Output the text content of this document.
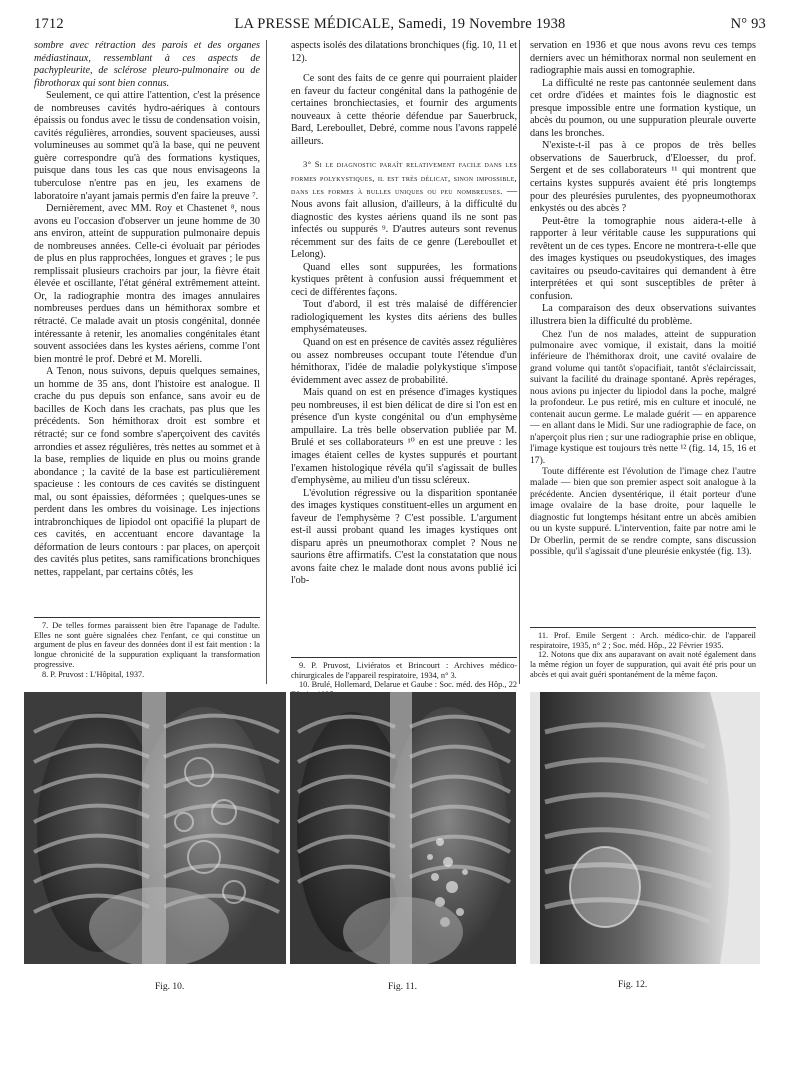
1712	LA PRESSE MÉDICALE, Samedi, 19 Novembre 1938	N° 93

sombre avec rétraction des parois et des organes médiastinaux, ressemblant à ces aspects de pachypleurite, de sclérose pleuro-pulmonaire ou de fibrothorax qui sont bien connus.

Seulement, ce qui attire l'attention, c'est la présence de nombreuses cavités hydro-aériques à contours épaissis ou fondus avec le tissu de condensation voisin, cavités régulières, arrondies, souvent spacieuses, aussi volumineuses au sommet qu'à la base, qui ne peuvent guère correspondre qu'à des formations kystiques, puisque dans tous les cas que nous envisageons la tuberculose n'entre pas en jeu, les examens de laboratoire n'ayant jamais permis d'en faire la preuve ⁷.

Dernièrement, avec MM. Roy et Chastenet ⁸, nous avons eu l'occasion d'observer un jeune homme de 30 ans environ, atteint de suppuration pulmonaire depuis de nombreuses années. Celle-ci évoluait par périodes de plus en plus rapprochées, longues et graves ; le pus remplissait plusieurs crachoirs par jour, la fièvre était élevée et oscillante, l'état général extrêmement atteint. Or, la radiographie montra des images annulaires nombreuses perdues dans un hémithorax sombre et rétracté. Ce malade avait un ptosis congénital, donnée intéressante à retenir, les anomalies congénitales étant souvent associées dans les kystes aériens, comme l'ont bien montré le prof. Debré et M. Morelli.

A Tenon, nous suivons, depuis quelques semaines, un homme de 35 ans, dont l'histoire est analogue. Il crache du pus depuis son enfance, sans avoir eu de bacilles de Koch dans les crachats, pas plus que les précédents. Son hémithorax droit est sombre et rétracté; sur ce fond sombre s'aperçoivent des cavités arrondies et assez régulières, très nettes au sommet et à la base, remplies de liquide en plus ou moins grande abondance ; la cavité de la base est particulièrement spacieuse : les contours de ces cavités se distinguent mal, ou sont épaissies, déformées ; quelques-unes se perdent dans les ombres du voisinage. Les injections intrabronchiques de lipiodol ont opacifié la plupart de ces cavités, en accentuant encore davantage la déformation de leurs contours : par places, on aperçoit des cavités plus petites, sans ramifications bronchiques nettes, rappelant, par certains côtés, les

7. De telles formes paraissent bien être l'apanage de l'adulte. Elles ne sont guère signalées chez l'enfant, ce qui constitue un argument de plus en faveur des données dont il est fait mention : la longue chronicité de la suppuration expliquant la transformation progressive.

8. P. Pruvost : L'Hôpital, 1937.

aspects isolés des dilatations bronchiques (fig. 10, 11 et 12).

Ce sont des faits de ce genre qui pourraient plaider en faveur du facteur congénital dans la pathogénie de certaines bronchiectasies, et fournir des arguments nouveaux à cette théorie défendue par Sauerbruck, Bard, Lereboullet, Debré, comme nous l'avons rappelé ailleurs.

3° Si le diagnostic paraît relativement facile dans les formes polykystiques, il est très délicat, sinon impossible, dans les formes à bulles uniques ou peu nombreuses. — Nous avons fait allusion, d'ailleurs, à la difficulté du diagnostic des kystes aériens quand ils ne sont pas infectés ou suppurés ⁹. D'autres auteurs sont revenus récemment sur des faits de ce genre (Lereboullet et Lelong).

Quand elles sont suppurées, les formations kystiques prêtent à confusion aussi fréquemment et ceci de différentes façons.

Tout d'abord, il est très malaisé de différencier radiologiquement les kystes dits aériens des bulles emphysémateuses.

Quand on est en présence de cavités assez régulières ou assez nombreuses occupant toute l'étendue d'un hémithorax, l'idée de maladie polykystique s'impose évidemment avec assez de probabilité.

Mais quand on est en présence d'images kystiques peu nombreuses, il est bien délicat de dire si l'on est en présence d'un kyste congénital ou d'un emphysème ampullaire. La très belle observation publiée par M. Brulé et ses collaborateurs ¹⁰ en est une preuve : les images étaient celles de kystes suppurés et pourtant l'examen histologique révéla qu'il s'agissait de bulles d'emphysème, au milieu d'un tissu scléreux.

L'évolution régressive ou la disparition spontanée des images kystiques constituent-elles un argument en faveur de l'emphysème ? C'est possible. L'argument est-il aussi probant quand les images kystiques ont disparu après un pneumothorax complet ? Nous ne saurions être affirmatifs. C'est la constatation que nous avons faite chez le malade dont nous avons publié ici l'ob-

9. P. Pruvost, Liviératos et Brincourt : Archives médico-chirurgicales de l'appareil respiratoire, 1934, n° 3.

10. Brulé, Hollemard, Delarue et Gaube : Soc. méd. des Hôp., 22

servation en 1936 et que nous avons revu ces temps derniers avec un hémithorax normal non seulement en radiographie mais aussi en tomographie.

La difficulté ne reste pas cantonnée seulement dans cet ordre d'idées et maintes fois le diagnostic est presque impossible entre une formation kystique, un abcès du poumon, ou une suppuration pleurale ouverte dans les bronches.

N'existe-t-il pas à ce propos de très belles observations de Sauerbruck, d'Eloesser, du prof. Sergent et de ses collaborateurs ¹¹ qui montrent que certains kystes suppurés avaient été pris longtemps pour des pleurésies purulentes, des pyopneumothorax enkystés ou des abcès ?

Peut-être la tomographie nous aidera-t-elle à rapporter à leur véritable cause les suppurations qui revêtent un de ces types. Encore ne montrera-t-elle que des images kystiques ou pseudokystiques, des images cavitaires ou pseudo-cavitaires qui demandent à être interprétées et qui sont susceptibles de prêter à confusion.

La comparaison des deux observations suivantes illustrera bien la difficulté du problème.

Chez l'un de nos malades, atteint de suppuration pulmonaire avec vomique, il existait, dans la moitié inférieure de l'hémithorax droit, une cavité ovalaire de grand volume qui tantôt s'opacifiait, tantôt s'éclaircissait, suivant la facilité du drainage spontané. Après repérages, nous avions pu injecter du lipiodol dans la poche, malgré la profondeur. Le pus retiré, mis en culture et inoculé, ne contenait aucun germe. Le malade guérit — en apparence — en allant dans le Midi. Sur une radiographie de face, on n'aperçoit plus rien ; sur une radiographie prise en oblique, l'image kystique est toujours très nette ¹² (fig. 14, 15, 16 et 17).

Toute différente est l'évolution de l'image chez l'autre malade — bien que son premier aspect soit analogue à la précédente. Ancien dysentérique, il était porteur d'une image ovalaire de la base droite, pour laquelle le diagnostic fut longtemps hésitant entre un abcès amibien ou un kyste suppuré. L'intervention, faite par notre ami le Dr Oberlin, permit de se rendre compte, sans discussion possible, qu'il s'agissait d'une pleurésie enkystée (fig. 13).

11. Prof. Emile Sergent : Arch. médico-chir. de l'appareil respiratoire, 1935, n° 2 ; Soc. méd. Hôp., 22 Février 1935.

12. Notons que dix ans auparavant on avait noté également dans la même région un foyer de suppuration, qui avait été pris pour un abcès et qui avait guéri spontanément de la même façon.

Fig. 10.	Fig. 11.	Fig. 12.
